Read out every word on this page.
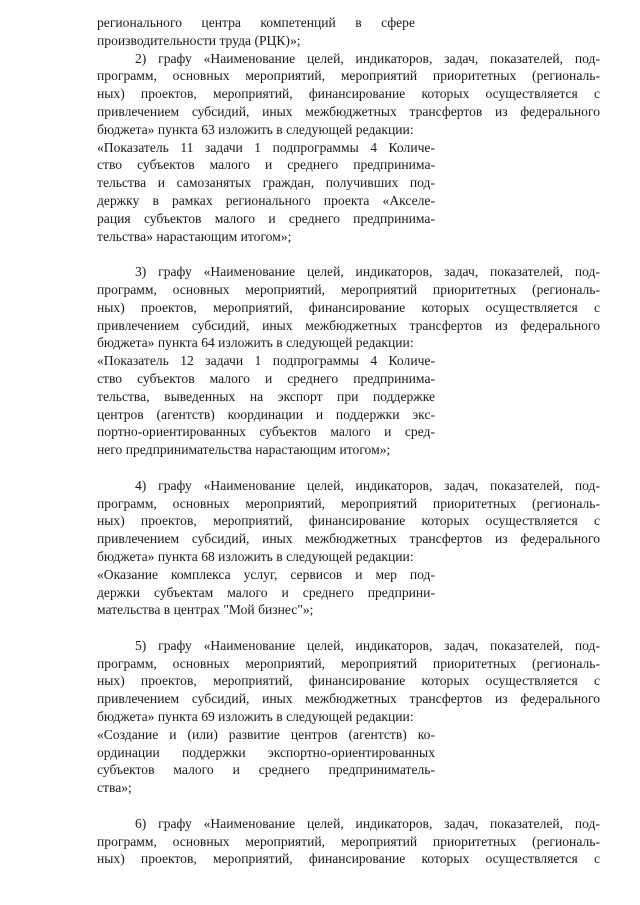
регионального центра компетенций в сфере
производительности труда (РЦК)»;
2) графу «Наименование целей, индикаторов, задач, показателей, под-
программ, основных мероприятий, мероприятий приоритетных (региональ-
ных) проектов, мероприятий, финансирование которых осуществляется с
привлечением субсидий, иных межбюджетных трансфертов из федерального
бюджета» пункта 63 изложить в следующей редакции:
«Показатель 11 задачи 1 подпрограммы 4 Количе-
ство субъектов малого и среднего предпринима-
тельства и самозанятых граждан, получивших под-
держку в рамках регионального проекта «Акселе-
рация субъектов малого и среднего предпринима-
тельства» нарастающим итогом»;
3) графу «Наименование целей, индикаторов, задач, показателей, под-
программ, основных мероприятий, мероприятий приоритетных (региональ-
ных) проектов, мероприятий, финансирование которых осуществляется с
привлечением субсидий, иных межбюджетных трансфертов из федерального
бюджета» пункта 64 изложить в следующей редакции:
«Показатель 12 задачи 1 подпрограммы 4 Количе-
ство субъектов малого и среднего предпринима-
тельства, выведенных на экспорт при поддержке
центров (агентств) координации и поддержки экс-
портно-ориентированных субъектов малого и сред-
него предпринимательства нарастающим итогом»;
4) графу «Наименование целей, индикаторов, задач, показателей, под-
программ, основных мероприятий, мероприятий приоритетных (региональ-
ных) проектов, мероприятий, финансирование которых осуществляется с
привлечением субсидий, иных межбюджетных трансфертов из федерального
бюджета» пункта 68 изложить в следующей редакции:
«Оказание комплекса услуг, сервисов и мер под-
держки субъектам малого и среднего предприни-
мательства в центрах "Мой бизнес"»;
5) графу «Наименование целей, индикаторов, задач, показателей, под-
программ, основных мероприятий, мероприятий приоритетных (региональ-
ных) проектов, мероприятий, финансирование которых осуществляется с
привлечением субсидий, иных межбюджетных трансфертов из федерального
бюджета» пункта 69 изложить в следующей редакции:
«Создание и (или) развитие центров (агентств) ко-
ординации поддержки экспортно-ориентированных
субъектов малого и среднего предприниматель-
ства»;
6) графу «Наименование целей, индикаторов, задач, показателей, под-
программ, основных мероприятий, мероприятий приоритетных (региональ-
ных) проектов, мероприятий, финансирование которых осуществляется с
